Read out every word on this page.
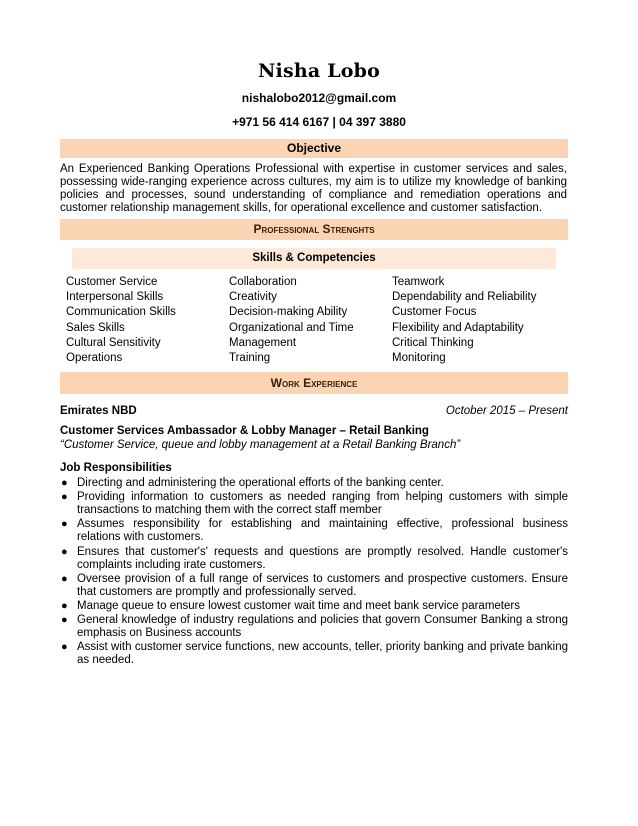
Nisha Lobo
nishalobo2012@gmail.com
+971 56 414 6167 | 04 397 3880
Objective
An Experienced Banking Operations Professional with expertise in customer services and sales, possessing wide-ranging experience across cultures, my aim is to utilize my knowledge of banking policies and processes, sound understanding of compliance and remediation operations and customer relationship management skills, for operational excellence and customer satisfaction.
Professional Strenghts
Skills & Competencies
Customer Service	Collaboration	Teamwork
Interpersonal Skills	Creativity	Dependability and Reliability
Communication Skills	Decision-making Ability	Customer Focus
Sales Skills	Organizational and Time	Flexibility and Adaptability
Cultural Sensitivity	Management	Critical Thinking
Operations	Training	Monitoring
Work Experience
Emirates NBD	October 2015 – Present
Customer Services Ambassador & Lobby Manager – Retail Banking
“Customer Service, queue and lobby management at a Retail Banking Branch”
Job Responsibilities
● Directing and administering the operational efforts of the banking center.
● Providing information to customers as needed ranging from helping customers with simple transactions to matching them with the correct staff member
● Assumes responsibility for establishing and maintaining effective, professional business relations with customers.
● Ensures that customer's' requests and questions are promptly resolved. Handle customer's complaints including irate customers.
● Oversee provision of a full range of services to customers and prospective customers. Ensure that customers are promptly and professionally served.
● Manage queue to ensure lowest customer wait time and meet bank service parameters
● General knowledge of industry regulations and policies that govern Consumer Banking a strong emphasis on Business accounts
● Assist with customer service functions, new accounts, teller, priority banking and private banking as needed.
